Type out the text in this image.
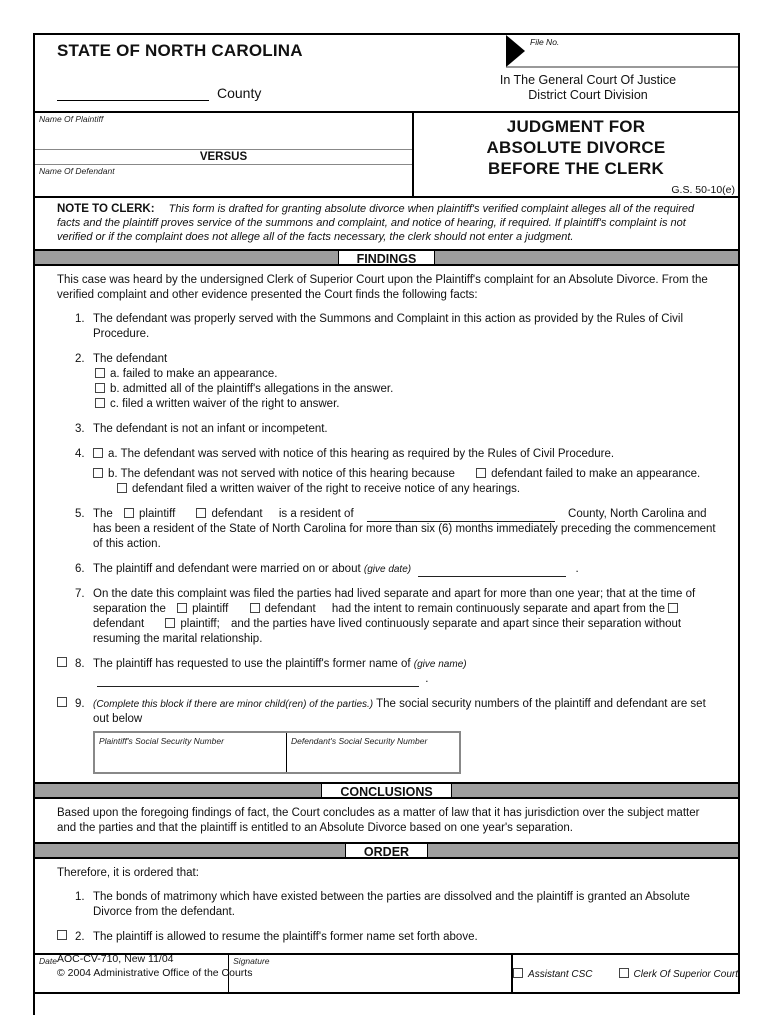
STATE OF NORTH CAROLINA
County
File No.
In The General Court Of Justice
District Court Division
Name Of Plaintiff
VERSUS
Name Of Defendant
JUDGMENT FOR
ABSOLUTE DIVORCE
BEFORE THE CLERK
G.S. 50-10(e)
NOTE TO CLERK: This form is drafted for granting absolute divorce when plaintiff's verified complaint alleges all of the required facts and the plaintiff proves service of the summons and complaint, and notice of hearing, if required. If plaintiff's complaint is not verified or if the complaint does not allege all of the facts necessary, the clerk should not enter a judgment.
FINDINGS
This case was heard by the undersigned Clerk of Superior Court upon the Plaintiff's complaint for an Absolute Divorce. From the verified complaint and other evidence presented the Court finds the following facts:
1. The defendant was properly served with the Summons and Complaint in this action as provided by the Rules of Civil Procedure.
2. The defendant
a. failed to make an appearance.
b. admitted all of the plaintiff's allegations in the answer.
c. filed a written waiver of the right to answer.
3. The defendant is not an infant or incompetent.
4.	a. The defendant was served with notice of this hearing as required by the Rules of Civil Procedure.
b. The defendant was not served with notice of this hearing because	defendant failed to make an appearance.
defendant filed a written waiver of the right to receive notice of any hearings.
5. The plaintiff	defendant is a resident of	County, North Carolina and has been a resident of the State of North Carolina for more than six (6) months immediately preceding the commencement of this action.
6. The plaintiff and defendant were married on or about (give date)	.
7. On the date this complaint was filed the parties had lived separate and apart for more than one year; that at the time of separation the plaintiff	defendant had the intent to remain continuously separate and apart from the defendant	plaintiff; and the parties have lived continuously separate and apart since their separation without resuming the marital relationship.
8. The plaintiff has requested to use the plaintiff's former name of (give name)  .
9. (Complete this block if there are minor child(ren) of the parties.) The social security numbers of the plaintiff and defendant are set out below
Plaintiff's Social Security Number	Defendant's Social Security Number
CONCLUSIONS
Based upon the foregoing findings of fact, the Court concludes as a matter of law that it has jurisdiction over the subject matter and the parties and that the plaintiff is entitled to an Absolute Divorce based on one year's separation.
ORDER
Therefore, it is ordered that:
1. The bonds of matrimony which have existed between the parties are dissolved and the plaintiff is granted an Absolute Divorce from the defendant.
2. The plaintiff is allowed to resume the plaintiff's former name set forth above.
Date	Signature
Assistant CSC	Clerk Of Superior Court
AOC-CV-710, New 11/04
© 2004 Administrative Office of the Courts
